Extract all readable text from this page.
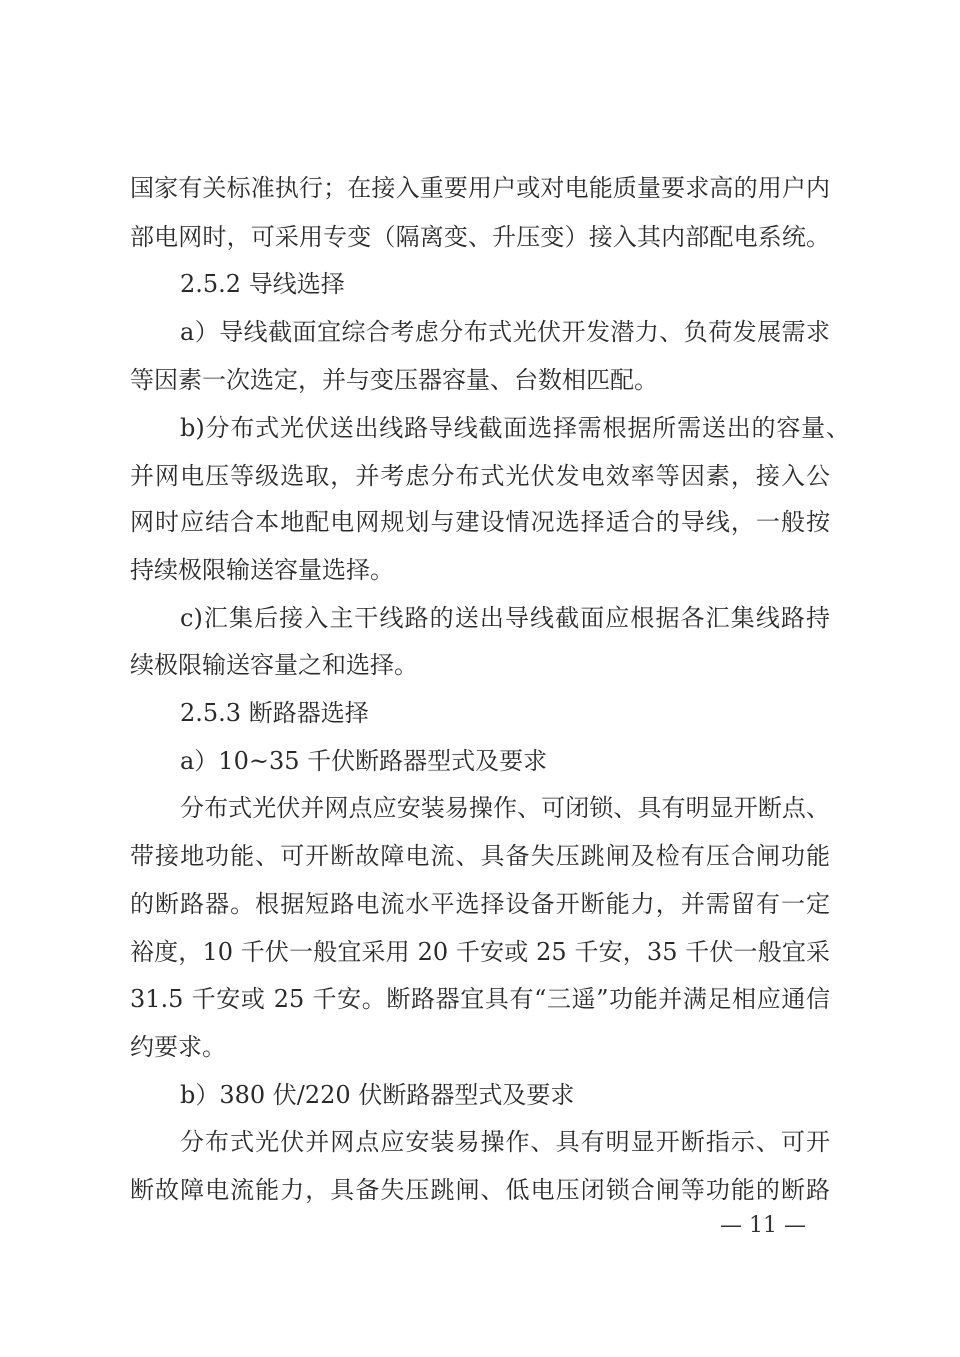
国家有关标准执行；在接入重要用户或对电能质量要求高的用户内
部电网时，可采用专变（隔离变、升压变）接入其内部配电系统。
2.5.2 导线选择
a）导线截面宜综合考虑分布式光伏开发潜力、负荷发展需求
等因素一次选定，并与变压器容量、台数相匹配。
b)分布式光伏送出线路导线截面选择需根据所需送出的容量、
并网电压等级选取，并考虑分布式光伏发电效率等因素，接入公
网时应结合本地配电网规划与建设情况选择适合的导线，一般按
持续极限输送容量选择。
c)汇集后接入主干线路的送出导线截面应根据各汇集线路持
续极限输送容量之和选择。
2.5.3 断路器选择
a）10~35 千伏断路器型式及要求
分布式光伏并网点应安装易操作、可闭锁、具有明显开断点、
带接地功能、可开断故障电流、具备失压跳闸及检有压合闸功能
的断路器。根据短路电流水平选择设备开断能力，并需留有一定
裕度，10 千伏一般宜采用 20 千安或 25 千安，35 千伏一般宜采
31.5 千安或 25 千安。断路器宜具有“三遥”功能并满足相应通信
约要求。
b）380 伏/220 伏断路器型式及要求
分布式光伏并网点应安装易操作、具有明显开断指示、可开
断故障电流能力，具备失压跳闸、低电压闭锁合闸等功能的断路
— 11 —
